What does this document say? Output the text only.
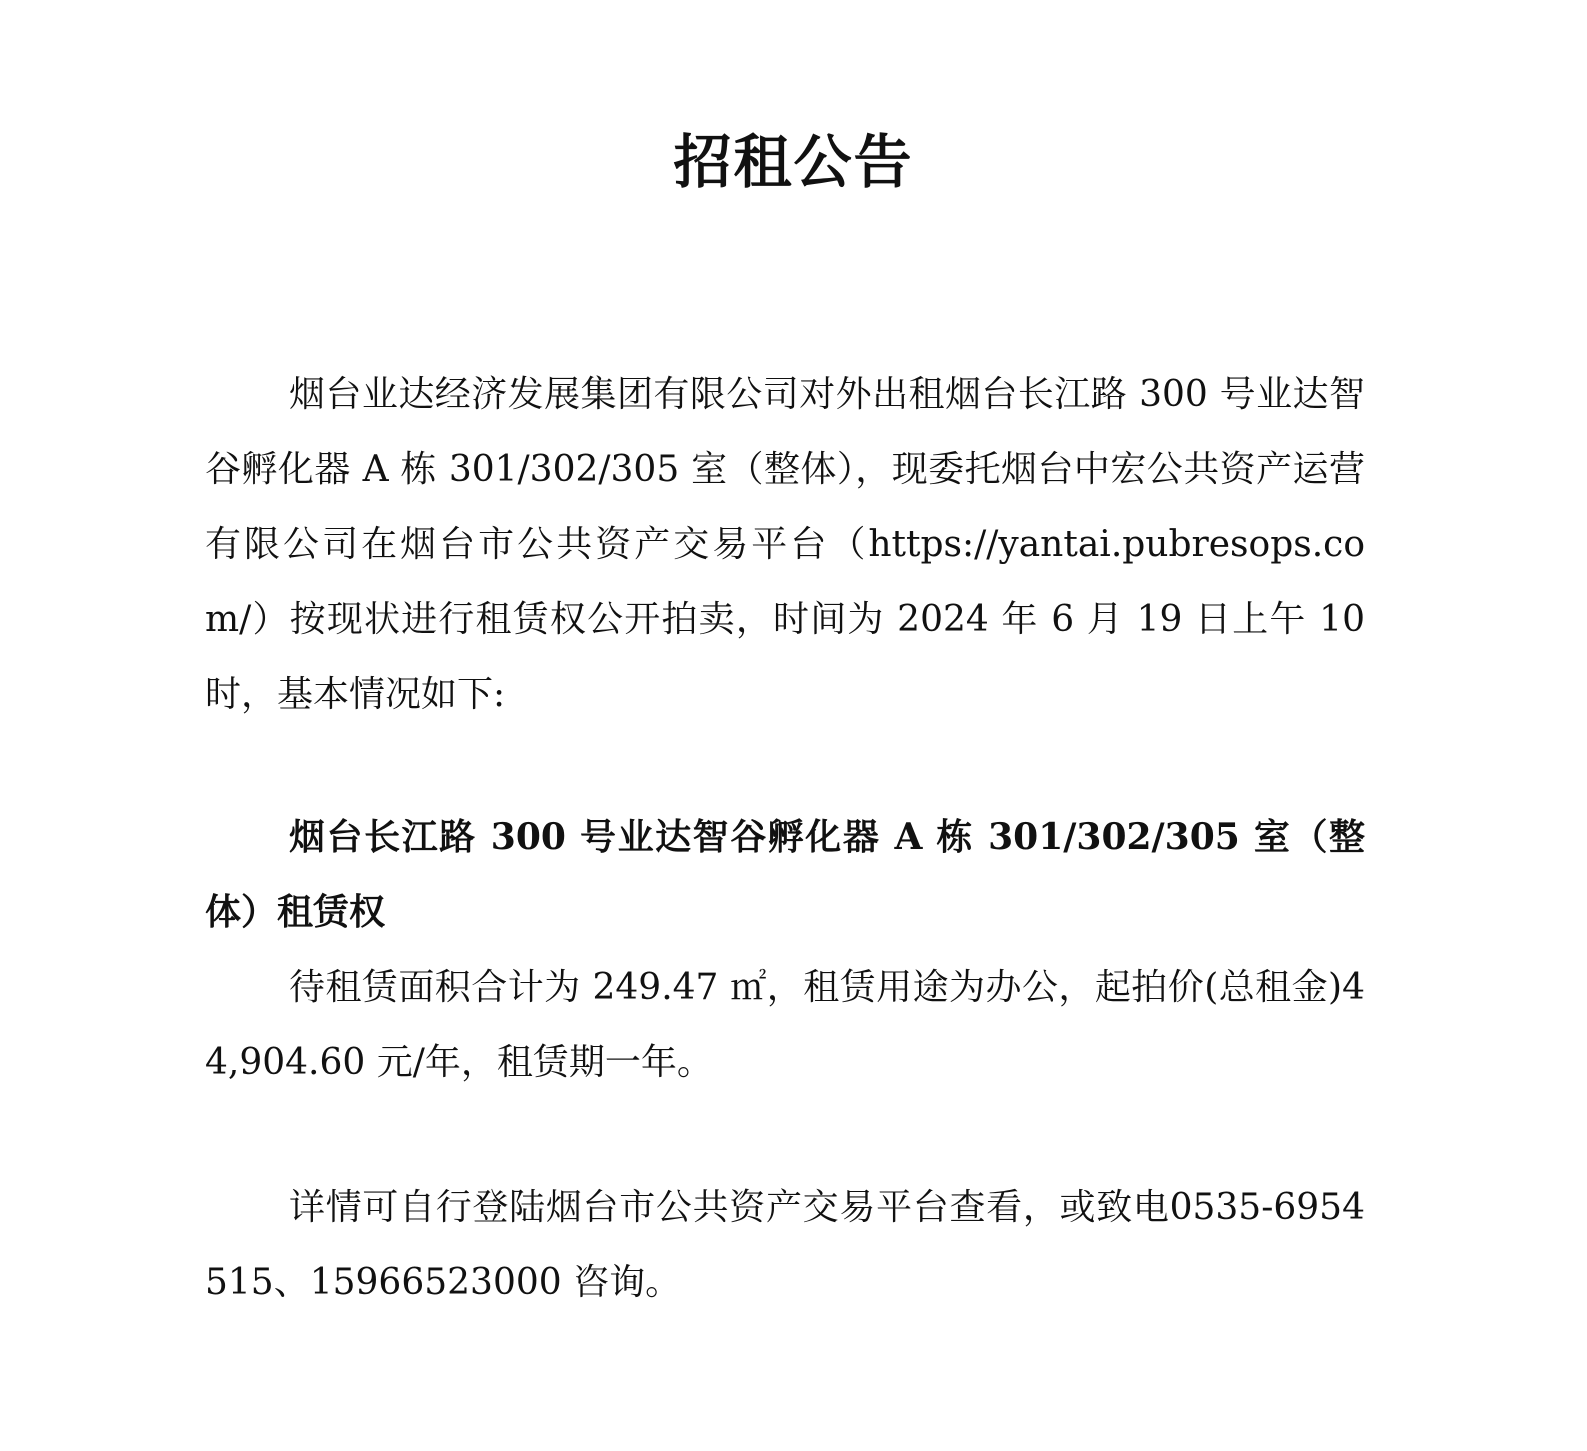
招租公告

烟台业达经济发展集团有限公司对外出租烟台长江路 300 号业达智谷孵化器 A 栋 301/302/305 室（整体），现委托烟台中宏公共资产运营有限公司在烟台市公共资产交易平台（https://yantai.pubresops.com/）按现状进行租赁权公开拍卖，时间为 2024 年 6 月 19 日上午 10 时，基本情况如下:

烟台长江路 300 号业达智谷孵化器 A 栋 301/302/305 室（整体）租赁权

待租赁面积合计为 249.47 ㎡，租赁用途为办公，起拍价(总租金)44,904.60 元/年，租赁期一年。

详情可自行登陆烟台市公共资产交易平台查看，或致电0535-6954515、15966523000 咨询。
